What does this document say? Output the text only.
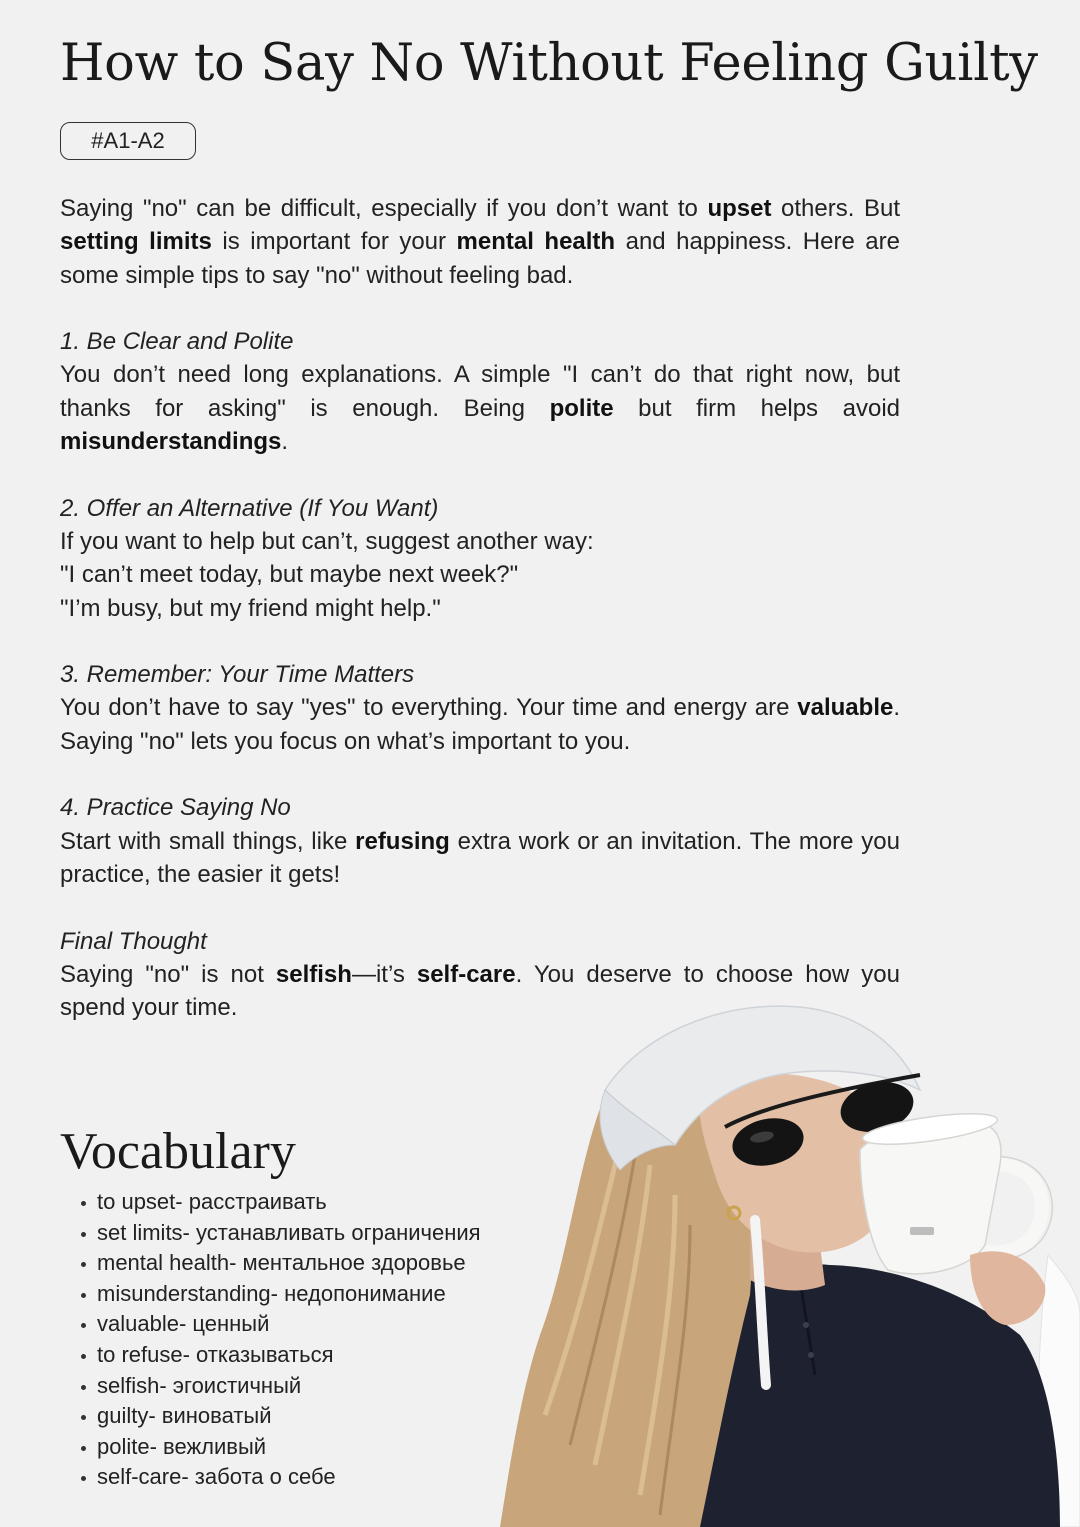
How to Say No Without Feeling Guilty
#A1-A2

Saying "no" can be difficult, especially if you don’t want to upset others. But setting limits is important for your mental health and happiness. Here are some simple tips to say "no" without feeling bad.

1. Be Clear and Polite
You don’t need long explanations. A simple "I can’t do that right now, but thanks for asking" is enough. Being polite but firm helps avoid misunderstandings.

2. Offer an Alternative (If You Want)
If you want to help but can’t, suggest another way:
"I can’t meet today, but maybe next week?"
"I’m busy, but my friend might help."

3. Remember: Your Time Matters
You don’t have to say "yes" to everything. Your time and energy are valuable. Saying "no" lets you focus on what’s important to you.

4. Practice Saying No
Start with small things, like refusing extra work or an invitation. The more you practice, the easier it gets!

Final Thought
Saying "no" is not selfish—it’s self-care. You deserve to choose how you spend your time.

Vocabulary
to upset- расстраивать
set limits- устанавливать ограничения
mental health- ментальное здоровье
misunderstanding- недопонимание
valuable- ценный
to refuse- отказываться
selfish- эгоистичный
guilty- виноватый
polite- вежливый
self-care- забота о себе
